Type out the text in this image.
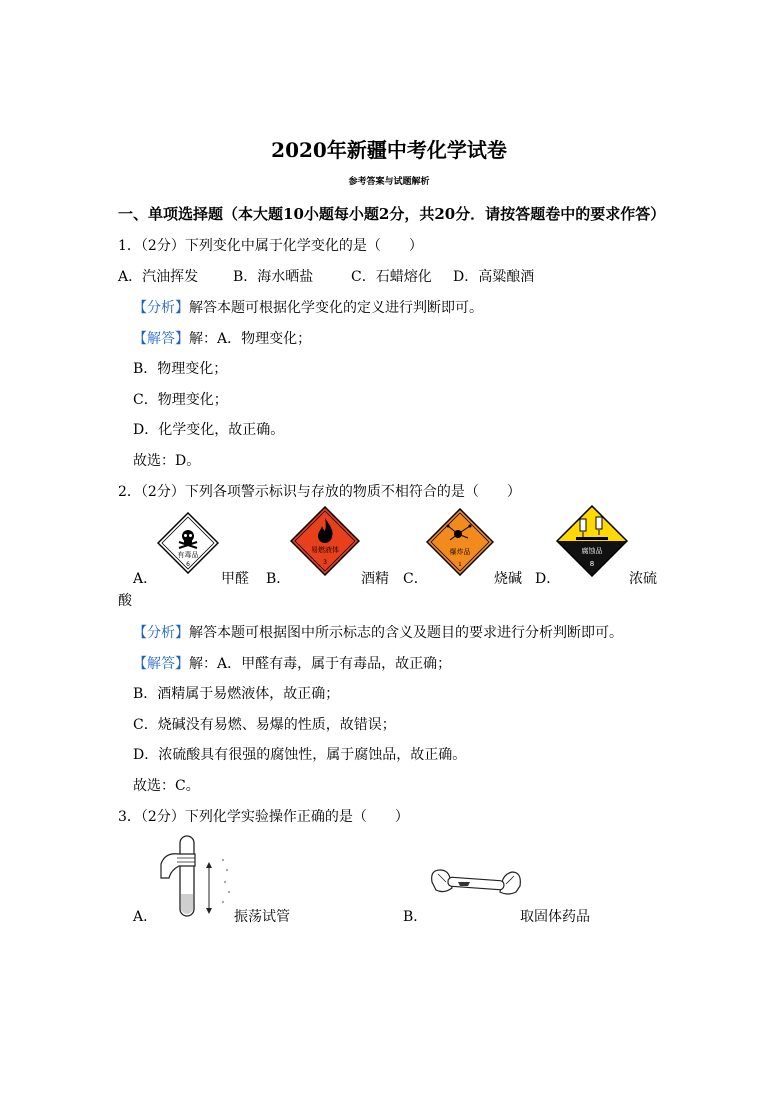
2020年新疆中考化学试卷
参考答案与试题解析
一、单项选择题（本大题10小题每小题2分，共20分．请按答题卷中的要求作答）
1．（2分）下列变化中属于化学变化的是（　　）
A．汽油挥发 B．海水晒盐	C．石蜡熔化 D．高粱酿酒
【分析】解答本题可根据化学变化的定义进行判断即可。
【解答】解：A．物理变化；
B．物理变化；
C．物理变化；
D．化学变化，故正确。
故选：D。
2．（2分）下列各项警示标识与存放的物质不相符合的是（　　）
有毒品
6
易燃液体
3
爆炸品
1
腐蚀品
8
A．	甲醛 B．	酒精 C．	烧碱 D．	浓硫
酸
【分析】解答本题可根据图中所示标志的含义及题目的要求进行分析判断即可。
【解答】解：A．甲醛有毒，属于有毒品，故正确；
B．酒精属于易燃液体，故正确；
C．烧碱没有易燃、易爆的性质，故错误；
D．浓硫酸具有很强的腐蚀性，属于腐蚀品，故正确。
故选：C。
3．（2分）下列化学实验操作正确的是（　　）
A．	振荡试管	B．	取固体药品
